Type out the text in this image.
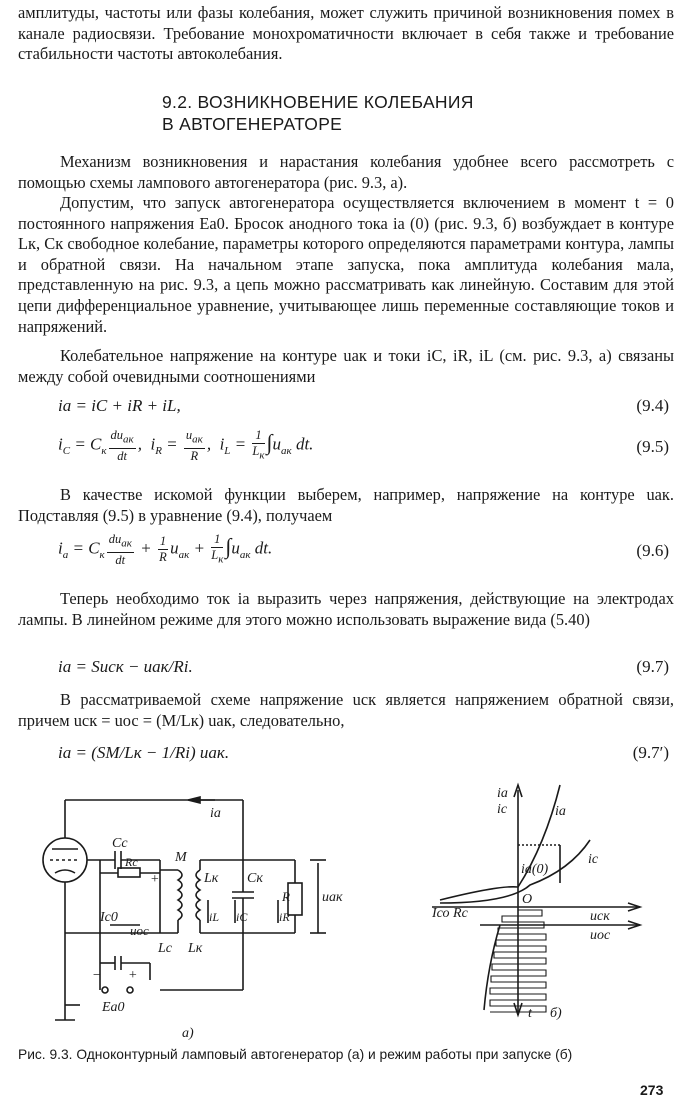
амплитуды, частоты или фазы колебания, может служить причиной возникновения помех в канале радиосвязи. Требование монохроматичности включает в себя также и требование стабильности частоты автоколебания.

9.2. ВОЗНИКНОВЕНИЕ КОЛЕБАНИЯ
В АВТОГЕНЕРАТОРЕ

Механизм возникновения и нарастания колебания удобнее всего рассмотреть с помощью схемы лампового автогенератора (рис. 9.3, а).

Допустим, что запуск автогенератора осуществляется включением в момент t = 0 постоянного напряжения Eа0. Бросок анодного тока iа (0) (рис. 9.3, б) возбуждает в контуре Lк, Cк свободное колебание, параметры которого определяются параметрами контура, лампы и обратной связи. На начальном этапе запуска, пока амплитуда колебания мала, представленную на рис. 9.3, а цепь можно рассматривать как линейную. Составим для этой цепи дифференциальное уравнение, учитывающее лишь переменные составляющие токов и напряжений.

Колебательное напряжение на контуре uак и токи iC, iR, iL (см. рис. 9.3, а) связаны между собой очевидными соотношениями

iа = iC + iR + iL,	(9.4)
$i_C = C_к \frac{du_{ак}}{dt}$ ,  $i_R = \frac{u_{ак}}{R}$ ,  $i_L = \frac{1}{L_к} \int u_{ак}$ dt.	(9.5)

В качестве искомой функции выберем, например, напряжение на контуре uак. Подставляя (9.5) в уравнение (9.4), получаем

$i_а = C_к \frac{du_{ак}}{dt} + \frac{1}{R} u_{ак} + \frac{1}{L_к} \int u_{ак}$ dt.	(9.6)

Теперь необходимо ток iа выразить через напряжения, действующие на электродах лампы. В линейном режиме для этого можно использовать выражение вида (5.40)

iа = Suск − uак/Ri.	(9.7)

В рассматриваемой схеме напряжение uск является напряжением обратной связи, причем uск = uос = (M/Lк) uак, следовательно,

iа = (SM/Lк − 1/Ri) uак.	(9.7′)
iа
Cс
M
Rс
+	Lк Cк
R uак
Iс0
uос
iL iC	iR
Lс Lк
− +
Eа0
а)
iа
iс	iа
iа(0)
iс
Iсо Rс
O
uск
uос
t б)

Рис. 9.3. Одноконтурный ламповый автогенератор (а) и режим работы при запуске (б)

273
